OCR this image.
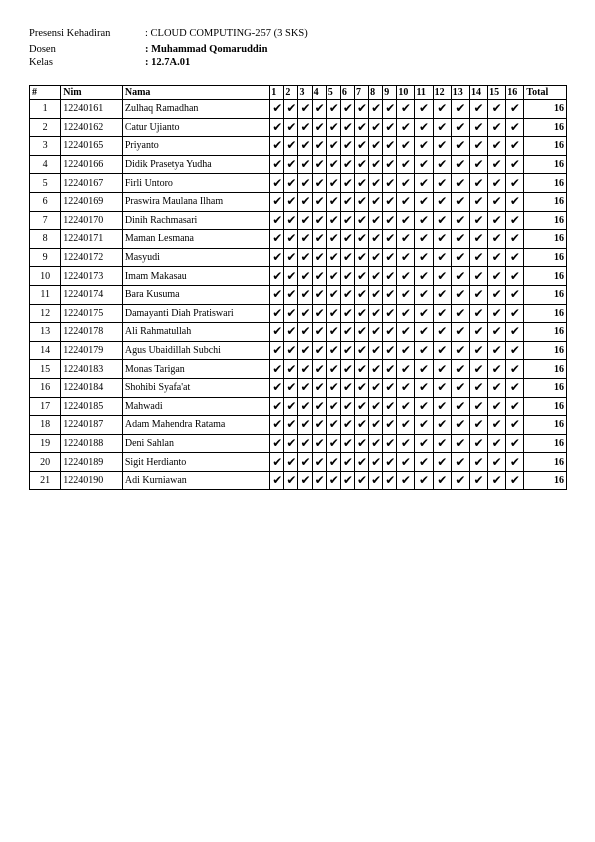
Presensi Kehadiran	: CLOUD COMPUTING-257 (3 SKS)
Dosen	: Muhammad Qomaruddin
Kelas	: 12.7A.01
#	Nim	Nama	1	2	3	4	5	6	7	8	9	10	11	12	13	14	15	16	Total
1	12240161	Zulhaq Ramadhan	✔	✔	✔	✔	✔	✔	✔	✔	✔	✔	✔	✔	✔	✔	✔	✔	16
2	12240162	Catur Ujianto	✔	✔	✔	✔	✔	✔	✔	✔	✔	✔	✔	✔	✔	✔	✔	✔	16
3	12240165	Priyanto	✔	✔	✔	✔	✔	✔	✔	✔	✔	✔	✔	✔	✔	✔	✔	✔	16
4	12240166	Didik Prasetya Yudha	✔	✔	✔	✔	✔	✔	✔	✔	✔	✔	✔	✔	✔	✔	✔	✔	16
5	12240167	Firli Untoro	✔	✔	✔	✔	✔	✔	✔	✔	✔	✔	✔	✔	✔	✔	✔	✔	16
6	12240169	Praswira Maulana Ilham	✔	✔	✔	✔	✔	✔	✔	✔	✔	✔	✔	✔	✔	✔	✔	✔	16
7	12240170	Dinih Rachmasari	✔	✔	✔	✔	✔	✔	✔	✔	✔	✔	✔	✔	✔	✔	✔	✔	16
8	12240171	Maman Lesmana	✔	✔	✔	✔	✔	✔	✔	✔	✔	✔	✔	✔	✔	✔	✔	✔	16
9	12240172	Masyudi	✔	✔	✔	✔	✔	✔	✔	✔	✔	✔	✔	✔	✔	✔	✔	✔	16
10	12240173	Imam Makasau	✔	✔	✔	✔	✔	✔	✔	✔	✔	✔	✔	✔	✔	✔	✔	✔	16
11	12240174	Bara Kusuma	✔	✔	✔	✔	✔	✔	✔	✔	✔	✔	✔	✔	✔	✔	✔	✔	16
12	12240175	Damayanti Diah Pratiswari	✔	✔	✔	✔	✔	✔	✔	✔	✔	✔	✔	✔	✔	✔	✔	✔	16
13	12240178	Ali Rahmatullah	✔	✔	✔	✔	✔	✔	✔	✔	✔	✔	✔	✔	✔	✔	✔	✔	16
14	12240179	Agus Ubaidillah Subchi	✔	✔	✔	✔	✔	✔	✔	✔	✔	✔	✔	✔	✔	✔	✔	✔	16
15	12240183	Monas Tarigan	✔	✔	✔	✔	✔	✔	✔	✔	✔	✔	✔	✔	✔	✔	✔	✔	16
16	12240184	Shohibi Syafa'at	✔	✔	✔	✔	✔	✔	✔	✔	✔	✔	✔	✔	✔	✔	✔	✔	16
17	12240185	Mahwadi	✔	✔	✔	✔	✔	✔	✔	✔	✔	✔	✔	✔	✔	✔	✔	✔	16
18	12240187	Adam Mahendra Ratama	✔	✔	✔	✔	✔	✔	✔	✔	✔	✔	✔	✔	✔	✔	✔	✔	16
19	12240188	Deni Sahlan	✔	✔	✔	✔	✔	✔	✔	✔	✔	✔	✔	✔	✔	✔	✔	✔	16
20	12240189	Sigit Herdianto	✔	✔	✔	✔	✔	✔	✔	✔	✔	✔	✔	✔	✔	✔	✔	✔	16
21	12240190	Adi Kurniawan	✔	✔	✔	✔	✔	✔	✔	✔	✔	✔	✔	✔	✔	✔	✔	✔	16
